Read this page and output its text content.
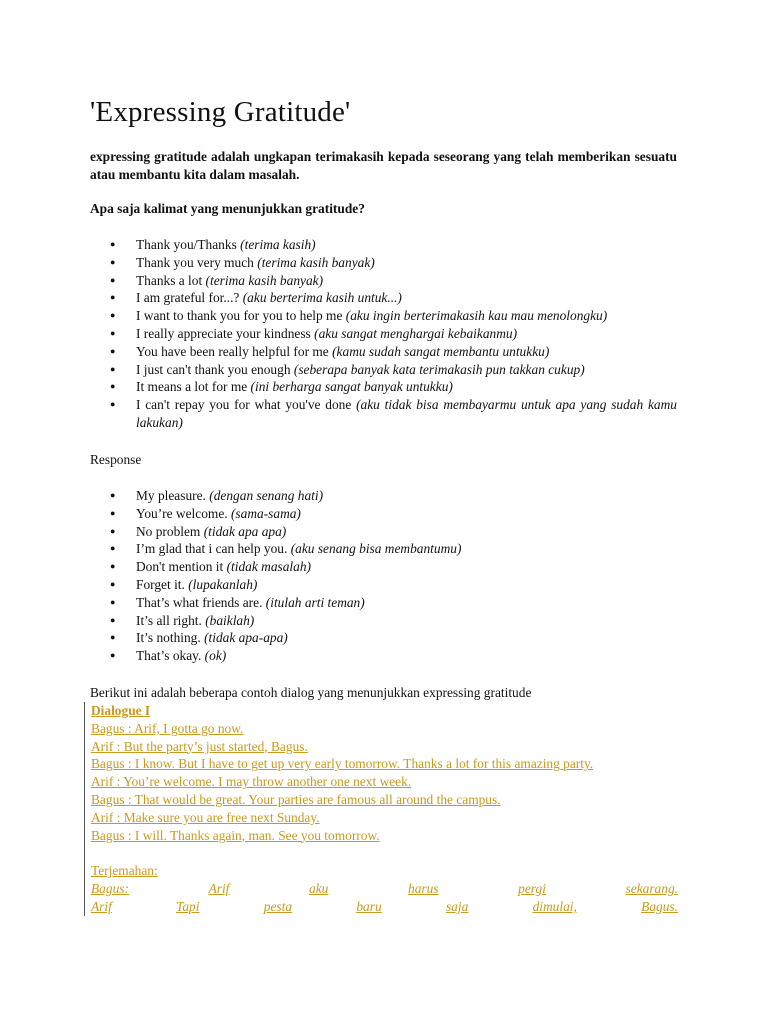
'Expressing Gratitude'

expressing gratitude adalah ungkapan terimakasih kepada seseorang yang telah memberikan sesuatu atau membantu kita dalam masalah.

Apa saja kalimat yang menunjukkan gratitude?

● Thank you/Thanks (terima kasih)
● Thank you very much (terima kasih banyak)
● Thanks a lot (terima kasih banyak)
● I am grateful for...? (aku berterima kasih untuk...)
● I want to thank you for you to help me (aku ingin berterimakasih kau mau menolongku)
● I really appreciate your kindness (aku sangat menghargai kebaikanmu)
● You have been really helpful for me (kamu sudah sangat membantu untukku)
● I just can't thank you enough (seberapa banyak kata terimakasih pun takkan cukup)
● It means a lot for me (ini berharga sangat banyak untukku)
● I can't repay you for what you've done (aku tidak bisa membayarmu untuk apa yang sudah kamu lakukan)

Response

● My pleasure. (dengan senang hati)
● You’re welcome. (sama-sama)
● No problem (tidak apa apa)
● I’m glad that i can help you. (aku senang bisa membantumu)
● Don't mention it (tidak masalah)
● Forget it. (lupakanlah)
● That’s what friends are. (itulah arti teman)
● It’s all right. (baiklah)
● It’s nothing. (tidak apa-apa)
● That’s okay. (ok)

Berikut ini adalah beberapa contoh dialog yang menunjukkan expressing gratitude

Dialogue I
Bagus : Arif, I gotta go now.
Arif : But the party’s just started, Bagus.
Bagus : I know. But I have to get up very early tomorrow. Thanks a lot for this amazing party.
Arif : You’re welcome. I may throw another one next week.
Bagus : That would be great. Your parties are famous all around the campus.
Arif : Make sure you are free next Sunday.
Bagus : I will. Thanks again, man. See you tomorrow.
Terjemahan:
Bagus:	Arif	aku	harus	pergi	sekarang.
Arif	Tapi	pesta	baru	saja	dimulai,	Bagus.
